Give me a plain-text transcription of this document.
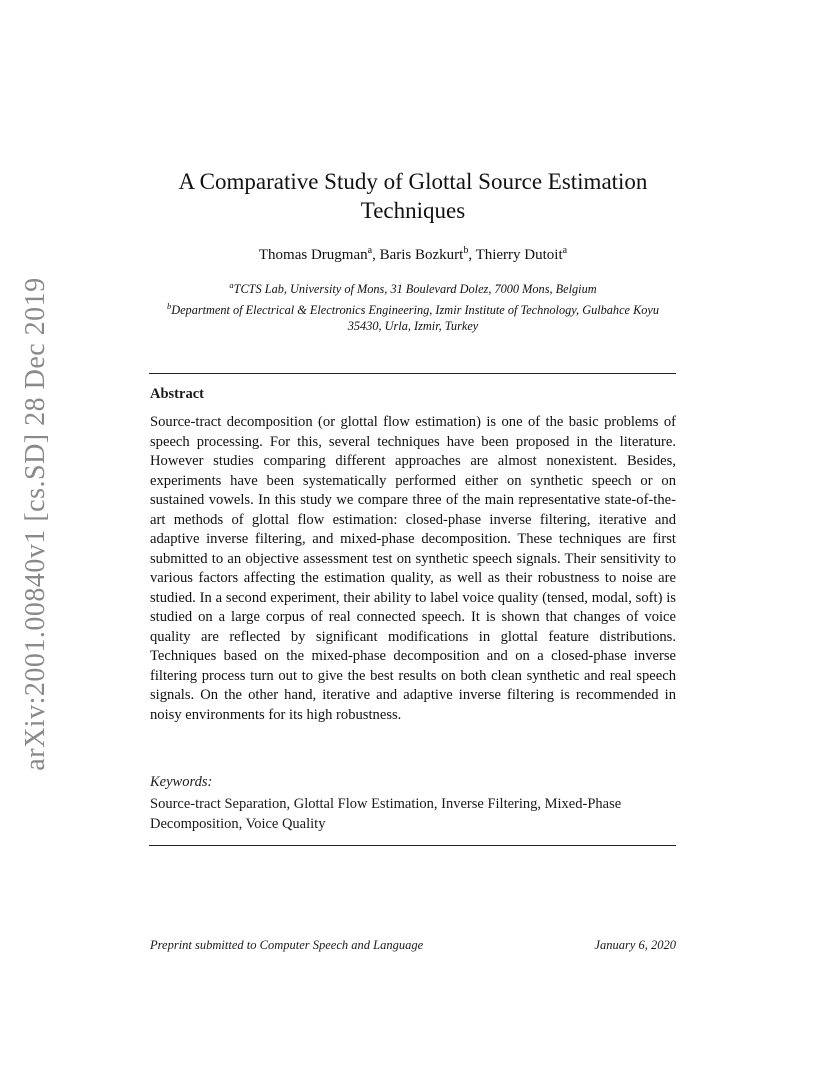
arXiv:2001.00840v1 [cs.SD] 28 Dec 2019
A Comparative Study of Glottal Source Estimation Techniques
Thomas Drugman$^a$, Baris Bozkurt$^b$, Thierry Dutoit$^a$
$^a$TCTS Lab, University of Mons, 31 Boulevard Dolez, 7000 Mons, Belgium
$^b$Department of Electrical & Electronics Engineering, Izmir Institute of Technology, Gulbahce Koyu 35430, Urla, Izmir, Turkey
Abstract
Source-tract decomposition (or glottal flow estimation) is one of the basic problems of speech processing. For this, several techniques have been proposed in the literature. However studies comparing different approaches are almost nonexistent. Besides, experiments have been systematically performed either on synthetic speech or on sustained vowels. In this study we compare three of the main representative state-of-the-art methods of glottal flow estimation: closed-phase inverse filtering, iterative and adaptive inverse filtering, and mixed-phase decomposition. These techniques are first submitted to an objective assessment test on synthetic speech signals. Their sensitivity to various factors affecting the estimation quality, as well as their robustness to noise are studied. In a second experiment, their ability to label voice quality (tensed, modal, soft) is studied on a large corpus of real connected speech. It is shown that changes of voice quality are reflected by significant modifications in glottal feature distributions. Techniques based on the mixed-phase decomposition and on a closed-phase inverse filtering process turn out to give the best results on both clean synthetic and real speech signals. On the other hand, iterative and adaptive inverse filtering is recommended in noisy environments for its high robustness.
Keywords:
Source-tract Separation, Glottal Flow Estimation, Inverse Filtering, Mixed-Phase Decomposition, Voice Quality
Preprint submitted to Computer Speech and Language	January 6, 2020
